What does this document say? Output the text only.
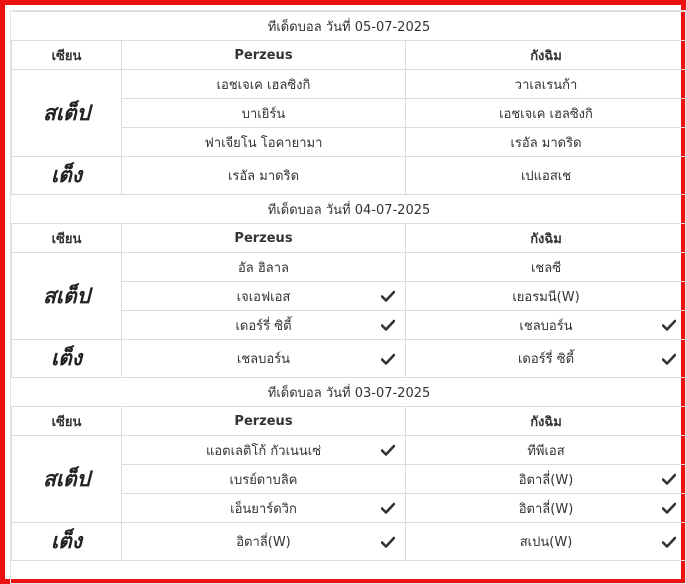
ทีเด็ดบอล วันที่ 05-07-2025		
เซียน	Perzeus	กังฉิม
สเต็ป	เอชเจเค เฮลซิงกิ	วาเลเรนก้า
	บาเยิร์น	เอชเจเค เฮลซิงกิ
	ฟาเจียโน โอคายามา	เรอัล มาดริด
เต็ง	เรอัล มาดริด	เปแอสเช
ทีเด็ดบอล วันที่ 04-07-2025		
เซียน	Perzeus	กังฉิม
สเต็ป	อัล ฮิลาล	เชลซี
	เจเอฟเอส	เยอรมนี(W)
	เดอร์รี่ ซิตี้	เชลบอร์น

เต็ง	เชลบอร์น	เดอร์รี่ ซิตี้

ทีเด็ดบอล วันที่ 03-07-2025		
เซียน	Perzeus	กังฉิม
สเต็ป	แอตเลติโก้ กัวเนนเซ่	ทีพีเอส
	เบรย์ดาบลิค	อิตาลี่(W)

	เอ็นยาร์ดวิก	อิตาลี่(W)

เต็ง	อิตาลี่(W)	สเปน(W)
